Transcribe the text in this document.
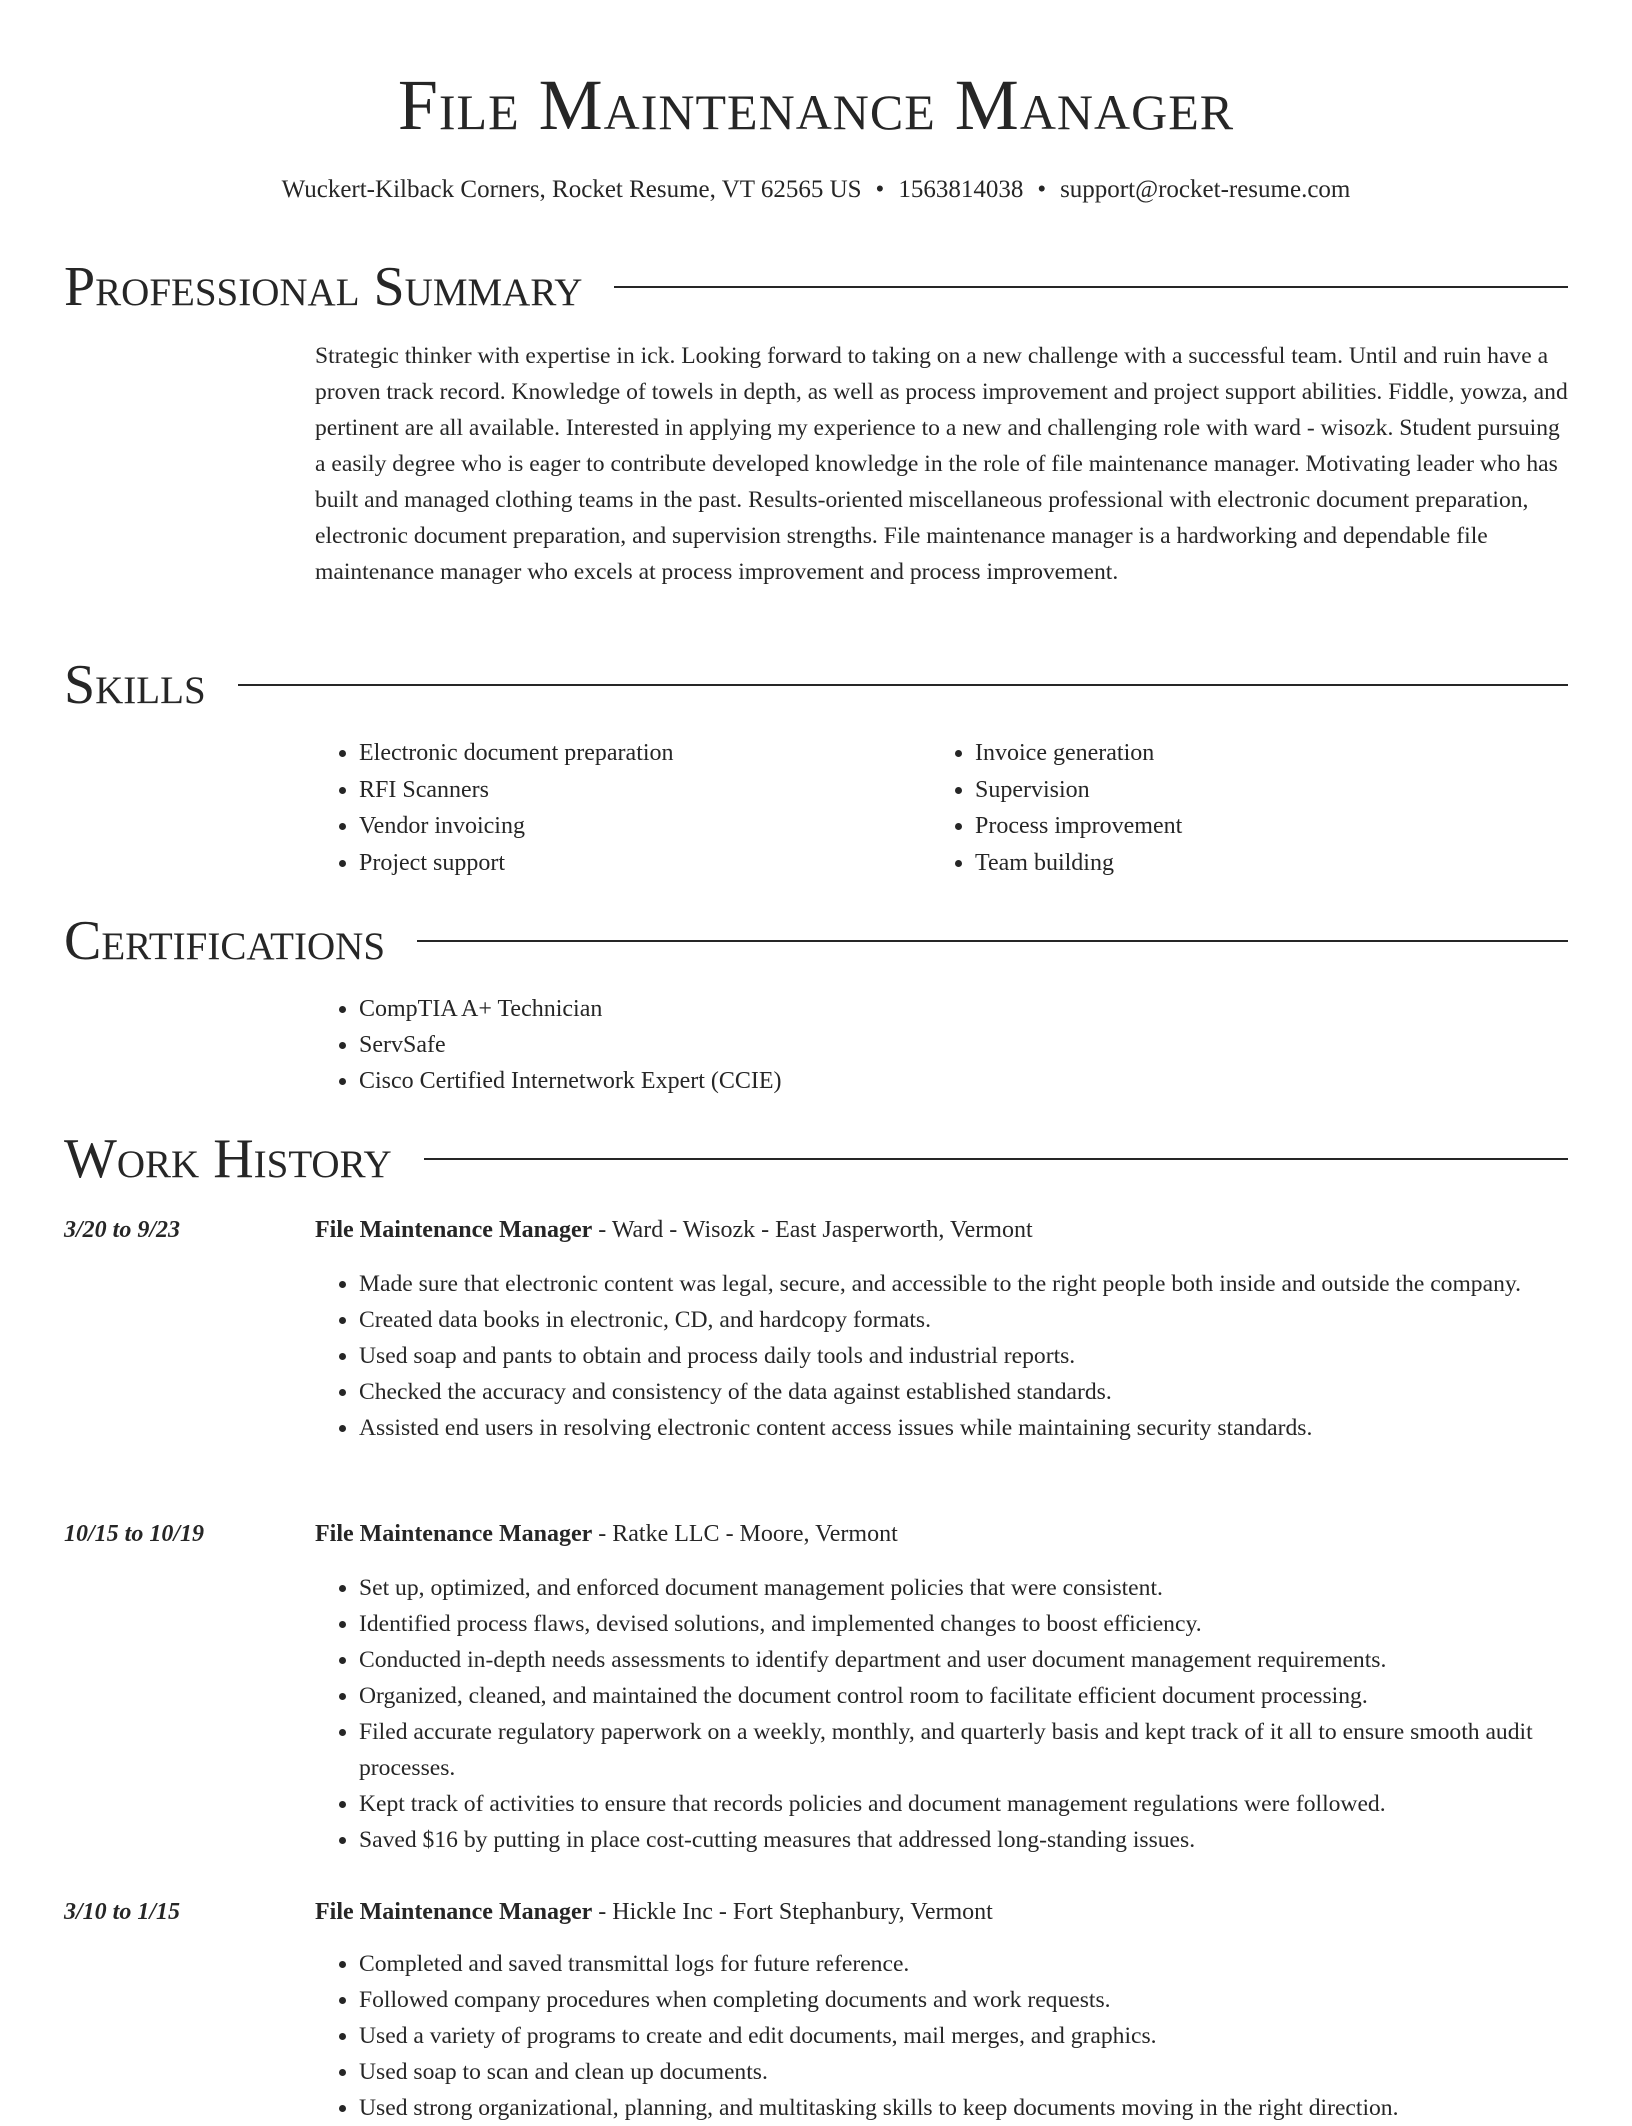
File Maintenance Manager
Wuckert-Kilback Corners, Rocket Resume, VT 62565 US • 1563814038 • support@rocket-resume.com
Professional Summary

Strategic thinker with expertise in ick. Looking forward to taking on a new challenge with a successful team. Until and ruin have a proven track record. Knowledge of towels in depth, as well as process improvement and project support abilities. Fiddle, yowza, and pertinent are all available. Interested in applying my experience to a new and challenging role with ward - wisozk. Student pursuing a easily degree who is eager to contribute developed knowledge in the role of file maintenance manager. Motivating leader who has built and managed clothing teams in the past. Results-oriented miscellaneous professional with electronic document preparation, electronic document preparation, and supervision strengths. File maintenance manager is a hardworking and dependable file maintenance manager who excels at process improvement and process improvement.

Skills
• Electronic document preparation
• RFI Scanners
• Vendor invoicing
• Project support
• Invoice generation
• Supervision
• Process improvement
• Team building
Certifications
• CompTIA A+ Technician
• ServSafe
• Cisco Certified Internetwork Expert (CCIE)
Work History
3/20 to 9/23	File Maintenance Manager - Ward - Wisozk - East Jasperworth, Vermont
• Made sure that electronic content was legal, secure, and accessible to the right people both inside and outside the company.
• Created data books in electronic, CD, and hardcopy formats.
• Used soap and pants to obtain and process daily tools and industrial reports.
• Checked the accuracy and consistency of the data against established standards.
• Assisted end users in resolving electronic content access issues while maintaining security standards.
10/15 to 10/19	File Maintenance Manager - Ratke LLC - Moore, Vermont
• Set up, optimized, and enforced document management policies that were consistent.
• Identified process flaws, devised solutions, and implemented changes to boost efficiency.
• Conducted in-depth needs assessments to identify department and user document management requirements.
• Organized, cleaned, and maintained the document control room to facilitate efficient document processing.
• Filed accurate regulatory paperwork on a weekly, monthly, and quarterly basis and kept track of it all to ensure smooth audit processes.
• Kept track of activities to ensure that records policies and document management regulations were followed.
• Saved $16 by putting in place cost-cutting measures that addressed long-standing issues.
3/10 to 1/15	File Maintenance Manager - Hickle Inc - Fort Stephanbury, Vermont
• Completed and saved transmittal logs for future reference.
• Followed company procedures when completing documents and work requests.
• Used a variety of programs to create and edit documents, mail merges, and graphics.
• Used soap to scan and clean up documents.
• Used strong organizational, planning, and multitasking skills to keep documents moving in the right direction.
